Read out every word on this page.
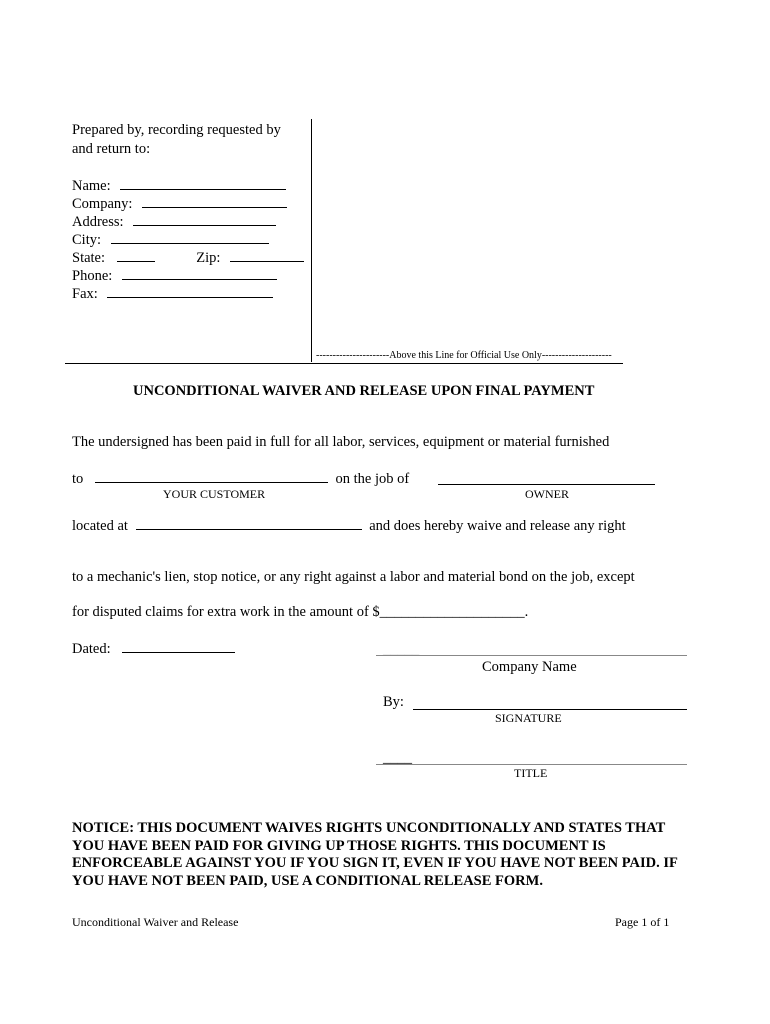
Prepared by, recording requested by
and return to:
Name:
Company:
Address:
City:
State:	Zip:
Phone:
Fax:
----------------------Above this Line for Official Use Only---------------------
UNCONDITIONAL WAIVER AND RELEASE UPON FINAL PAYMENT
The undersigned has been paid in full for all labor, services, equipment or material furnished
to	on the job of
YOUR CUSTOMER	OWNER
located at	and does hereby waive and release any right
to a mechanic's lien, stop notice, or any right against a labor and material bond on the job, except
for disputed claims for extra work in the amount of $____________________.
Dated:	_____
Company Name
By:
SIGNATURE
____
TITLE
NOTICE: THIS DOCUMENT WAIVES RIGHTS UNCONDITIONALLY AND STATES THAT YOU HAVE BEEN PAID FOR GIVING UP THOSE RIGHTS. THIS DOCUMENT IS ENFORCEABLE AGAINST YOU IF YOU SIGN IT, EVEN IF YOU HAVE NOT BEEN PAID. IF YOU HAVE NOT BEEN PAID, USE A CONDITIONAL RELEASE FORM.
Unconditional Waiver and Release	Page 1 of 1
